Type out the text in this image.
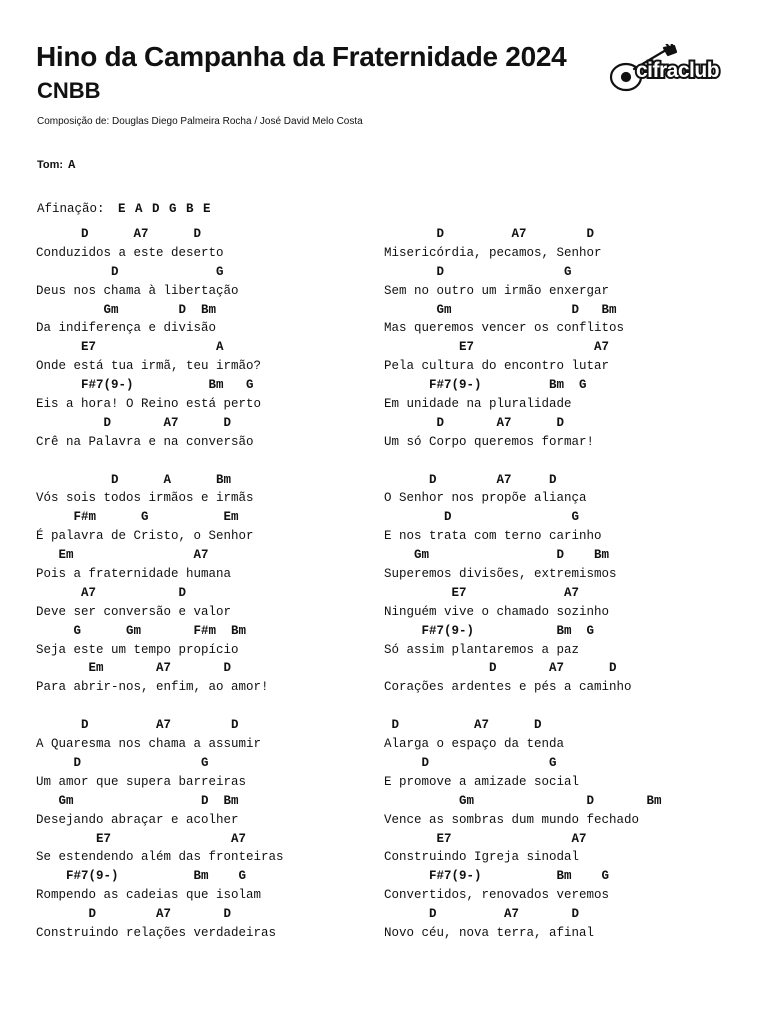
Hino da Campanha da Fraternidade 2024	cifraclub
CNBB
Composição de: Douglas Diego Palmeira Rocha / José David Melo Costa
Tom: A
Afinação: E A D G B E
D      A7      D
Conduzidos a este deserto
D             G
Deus nos chama à libertação
Gm        D  Bm
Da indiferença e divisão
E7                A
Onde está tua irmã, teu irmão?
F#7(9-)          Bm   G
Eis a hora! O Reino está perto
D       A7      D
Crê na Palavra e na conversão
D      A      Bm
Vós sois todos irmãos e irmãs
F#m      G          Em
É palavra de Cristo, o Senhor
Em                A7
Pois a fraternidade humana
A7           D
Deve ser conversão e valor
G      Gm       F#m  Bm
Seja este um tempo propício
Em       A7       D
Para abrir-nos, enfim, ao amor!
D         A7        D
A Quaresma nos chama a assumir
D                G
Um amor que supera barreiras
Gm                 D  Bm
Desejando abraçar e acolher
E7                A7
Se estendendo além das fronteiras
F#7(9-)          Bm    G
Rompendo as cadeias que isolam
D        A7       D
Construindo relações verdadeiras
D         A7        D
Misericórdia, pecamos, Senhor
D                G
Sem no outro um irmão enxergar
Gm                D   Bm
Mas queremos vencer os conflitos
E7                A7
Pela cultura do encontro lutar
F#7(9-)         Bm  G
Em unidade na pluralidade
D       A7      D
Um só Corpo queremos formar!
D        A7     D
O Senhor nos propõe aliança
D                G
E nos trata com terno carinho
Gm                 D    Bm
Superemos divisões, extremismos
E7             A7
Ninguém vive o chamado sozinho
F#7(9-)           Bm  G
Só assim plantaremos a paz
D       A7      D
Corações ardentes e pés a caminho
D          A7      D
Alarga o espaço da tenda
D                G
E promove a amizade social
Gm               D       Bm
Vence as sombras dum mundo fechado
E7                A7
Construindo Igreja sinodal
F#7(9-)          Bm    G
Convertidos, renovados veremos
D         A7       D
Novo céu, nova terra, afinal
